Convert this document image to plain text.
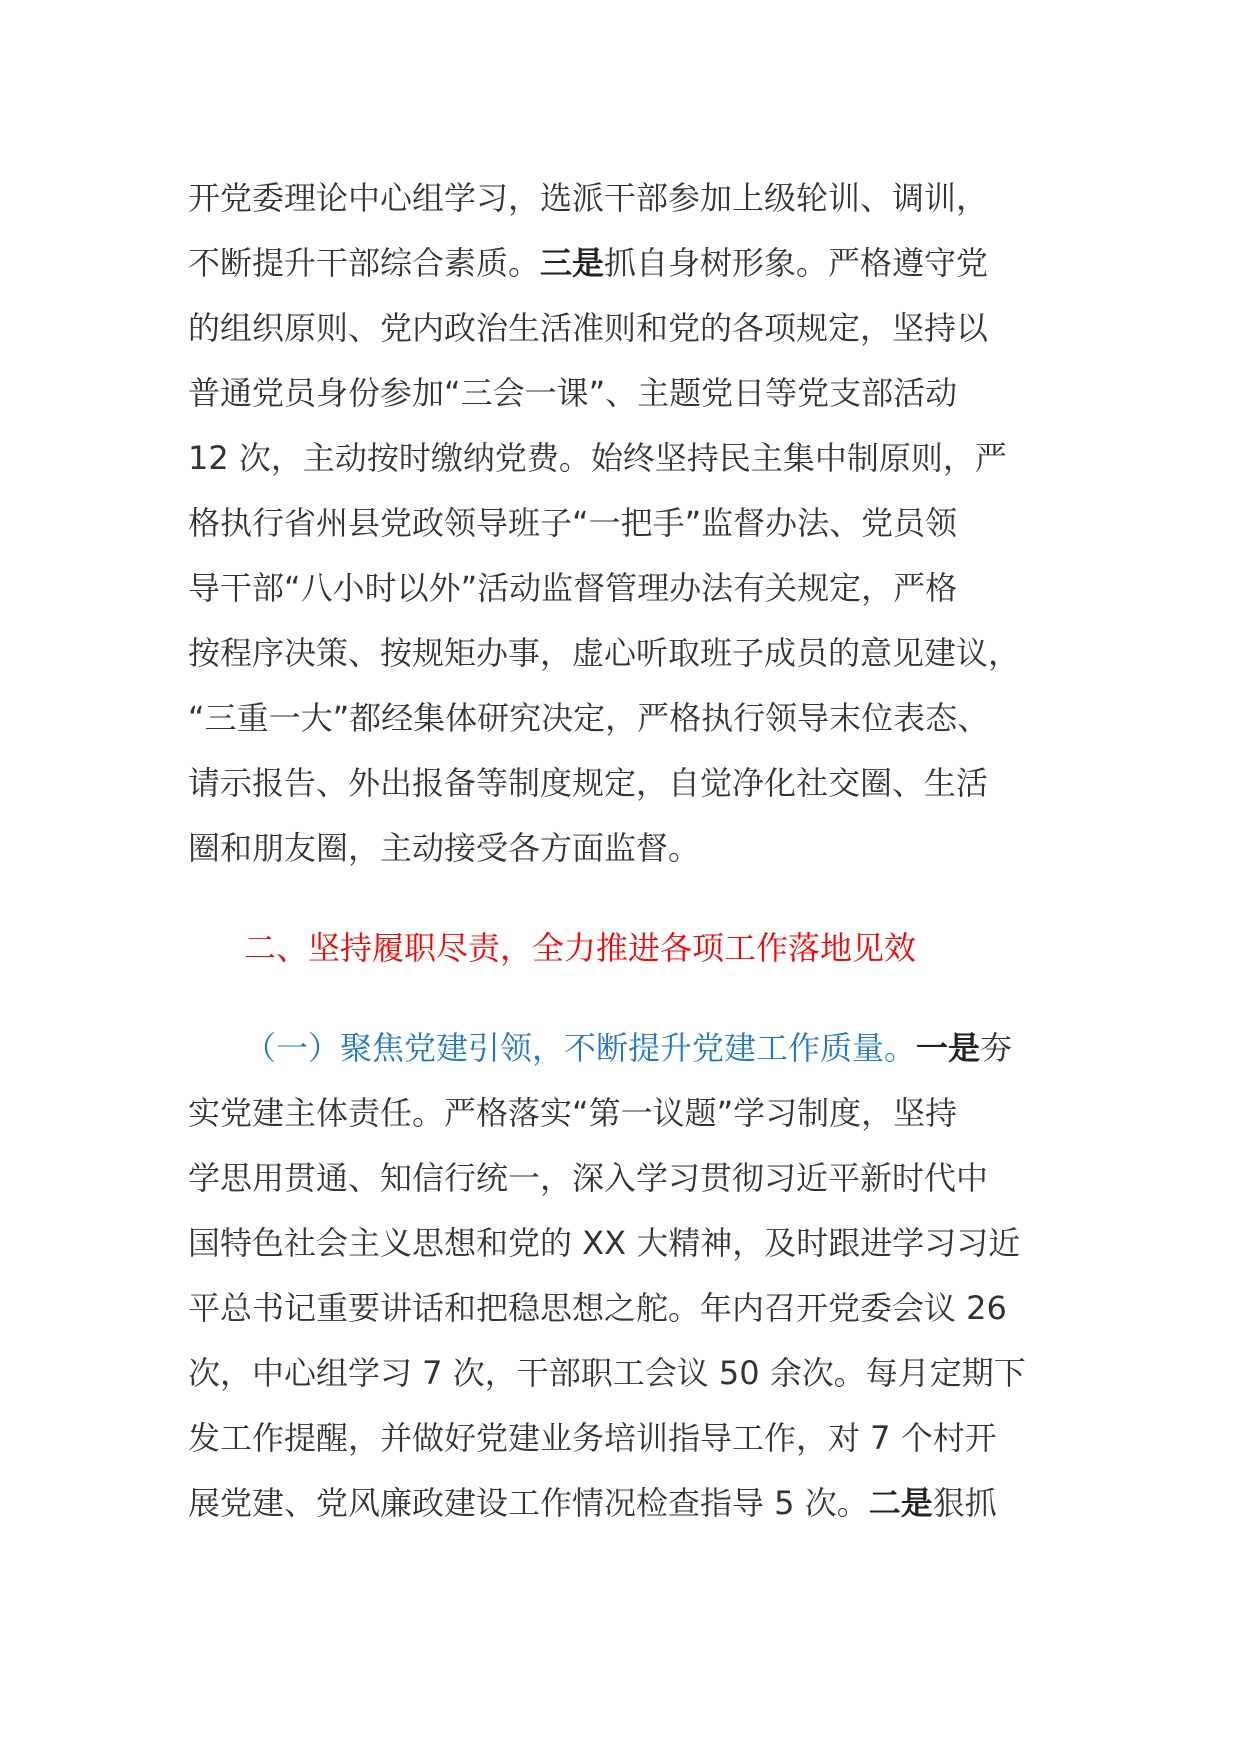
开党委理论中心组学习，选派干部参加上级轮训、调训，
不断提升干部综合素质。三是抓自身树形象。严格遵守党
的组织原则、党内政治生活准则和党的各项规定，坚持以
普通党员身份参加“三会一课”、主题党日等党支部活动
12 次，主动按时缴纳党费。始终坚持民主集中制原则，严
格执行省州县党政领导班子“一把手”监督办法、党员领
导干部“八小时以外”活动监督管理办法有关规定，严格
按程序决策、按规矩办事，虚心听取班子成员的意见建议，
“三重一大”都经集体研究决定，严格执行领导末位表态、
请示报告、外出报备等制度规定，自觉净化社交圈、生活
圈和朋友圈，主动接受各方面监督。
二、坚持履职尽责，全力推进各项工作落地见效
（一）聚焦党建引领，不断提升党建工作质量。一是夯
实党建主体责任。严格落实“第一议题”学习制度，坚持
学思用贯通、知信行统一，深入学习贯彻习近平新时代中
国特色社会主义思想和党的 XX 大精神，及时跟进学习习近
平总书记重要讲话和把稳思想之舵。年内召开党委会议 26
次，中心组学习 7 次，干部职工会议 50 余次。每月定期下
发工作提醒，并做好党建业务培训指导工作，对 7 个村开
展党建、党风廉政建设工作情况检查指导 5 次。二是狠抓
